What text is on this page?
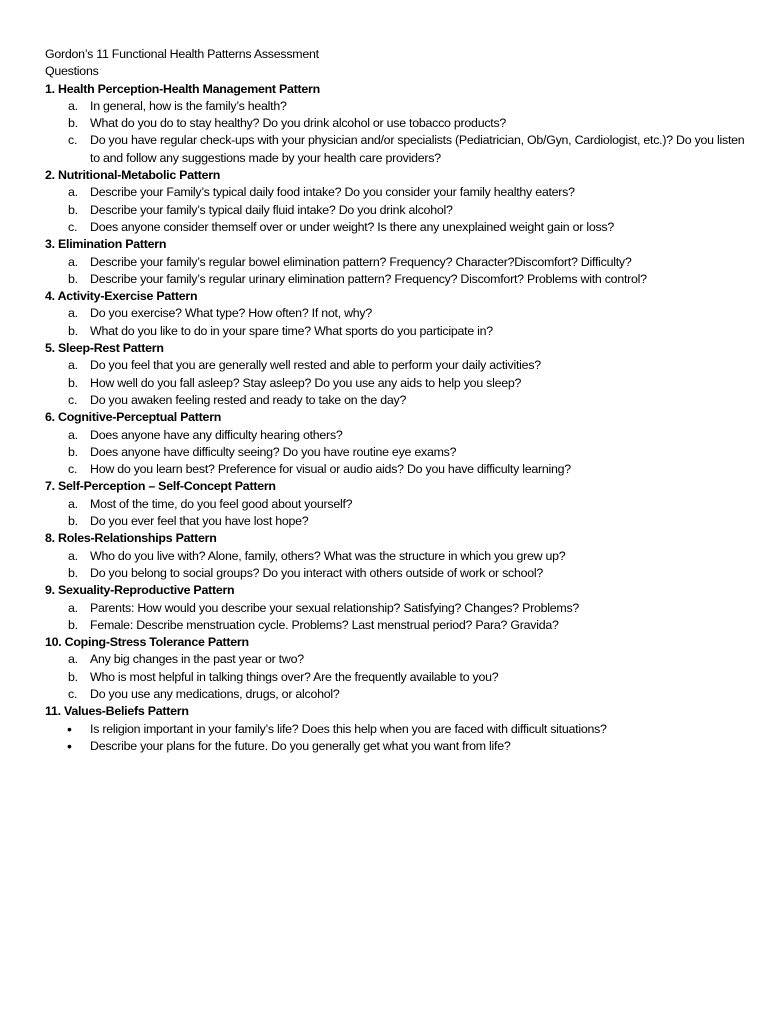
Gordon’s 11 Functional Health Patterns Assessment
Questions
1. Health Perception-Health Management Pattern
a. In general, how is the family’s health?
b. What do you do to stay healthy? Do you drink alcohol or use tobacco products?
c. Do you have regular check-ups with your physician and/or specialists (Pediatrician, Ob/Gyn, Cardiologist, etc.)? Do you listen to and follow any suggestions made by your health care providers?
2. Nutritional-Metabolic Pattern
a. Describe your Family’s typical daily food intake? Do you consider your family healthy eaters?
b. Describe your family’s typical daily fluid intake? Do you drink alcohol?
c. Does anyone consider themself over or under weight? Is there any unexplained weight gain or loss?
3. Elimination Pattern
a. Describe your family’s regular bowel elimination pattern? Frequency? Character?Discomfort? Difficulty?
b. Describe your family’s regular urinary elimination pattern? Frequency? Discomfort? Problems with control?
4. Activity-Exercise Pattern
a. Do you exercise? What type? How often? If not, why?
b. What do you like to do in your spare time? What sports do you participate in?
5. Sleep-Rest Pattern
a. Do you feel that you are generally well rested and able to perform your daily activities?
b. How well do you fall asleep? Stay asleep? Do you use any aids to help you sleep?
c. Do you awaken feeling rested and ready to take on the day?
6. Cognitive-Perceptual Pattern
a. Does anyone have any difficulty hearing others?
b. Does anyone have difficulty seeing? Do you have routine eye exams?
c. How do you learn best? Preference for visual or audio aids? Do you have difficulty learning?
7. Self-Perception – Self-Concept Pattern
a. Most of the time, do you feel good about yourself?
b. Do you ever feel that you have lost hope?
8. Roles-Relationships Pattern
a. Who do you live with? Alone, family, others? What was the structure in which you grew up?
b. Do you belong to social groups? Do you interact with others outside of work or school?
9. Sexuality-Reproductive Pattern
a. Parents: How would you describe your sexual relationship? Satisfying? Changes? Problems?
b. Female: Describe menstruation cycle. Problems? Last menstrual period? Para? Gravida?
10. Coping-Stress Tolerance Pattern
a. Any big changes in the past year or two?
b. Who is most helpful in talking things over? Are the frequently available to you?
c. Do you use any medications, drugs, or alcohol?
11. Values-Beliefs Pattern
• Is religion important in your family’s life? Does this help when you are faced with difficult situations?
• Describe your plans for the future. Do you generally get what you want from life?
